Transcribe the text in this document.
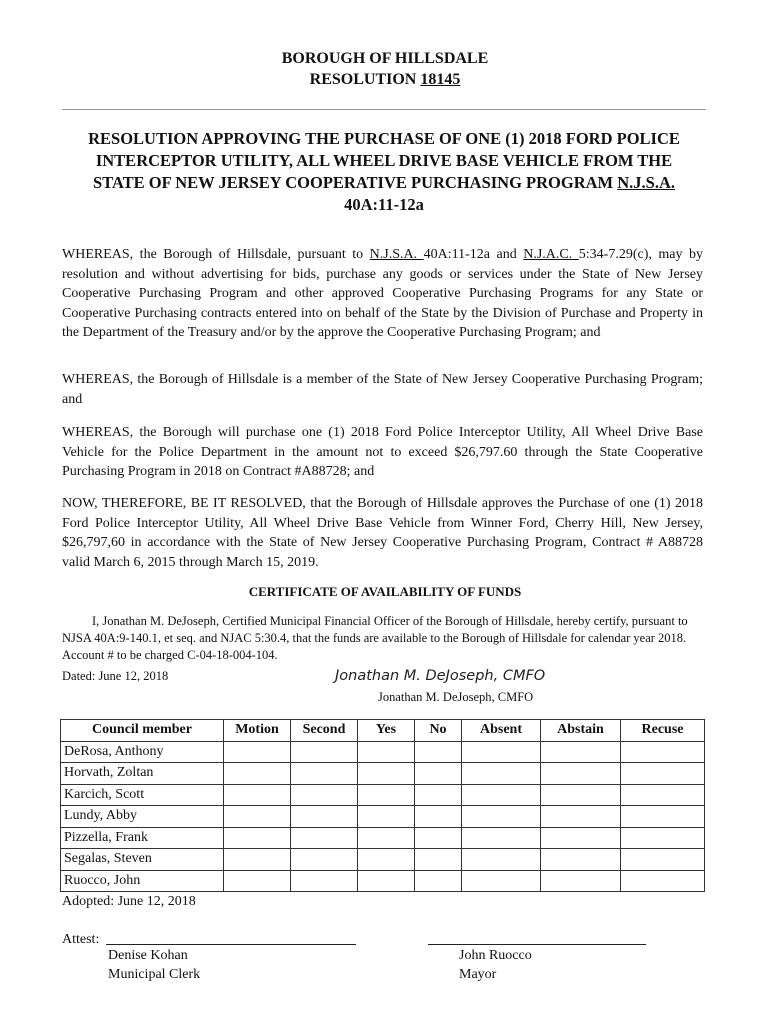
BOROUGH OF HILLSDALE
RESOLUTION 18145
RESOLUTION APPROVING THE PURCHASE OF ONE (1) 2018 FORD POLICE
INTERCEPTOR UTILITY, ALL WHEEL DRIVE BASE VEHICLE FROM THE
STATE OF NEW JERSEY COOPERATIVE PURCHASING PROGRAM N.J.S.A.
40A:11-12a
WHEREAS, the Borough of Hillsdale, pursuant to N.J.S.A. 40A:11-12a and N.J.A.C. 5:34-7.29(c), may by resolution and without advertising for bids, purchase any goods or services under the State of New Jersey Cooperative Purchasing Program and other approved Cooperative Purchasing Programs for any State or Cooperative Purchasing contracts entered into on behalf of the State by the Division of Purchase and Property in the Department of the Treasury and/or by the approve the Cooperative Purchasing Program; and
WHEREAS, the Borough of Hillsdale is a member of the State of New Jersey Cooperative Purchasing Program; and
WHEREAS, the Borough will purchase one (1) 2018 Ford Police Interceptor Utility, All Wheel Drive Base Vehicle for the Police Department in the amount not to exceed $26,797.60 through the State Cooperative Purchasing Program in 2018 on Contract #A88728; and
NOW, THEREFORE, BE IT RESOLVED, that the Borough of Hillsdale approves the Purchase of one (1) 2018 Ford Police Interceptor Utility, All Wheel Drive Base Vehicle from Winner Ford, Cherry Hill, New Jersey, $26,797,60 in accordance with the State of New Jersey Cooperative Purchasing Program, Contract # A88728 valid March 6, 2015 through March 15, 2019.
CERTIFICATE OF AVAILABILITY OF FUNDS
I, Jonathan M. DeJoseph, Certified Municipal Financial Officer of the Borough of Hillsdale, hereby certify, pursuant to NJSA 40A:9-140.1, et seq. and NJAC 5:30.4, that the funds are available to the Borough of Hillsdale for calendar year 2018. Account # to be charged C-04-18-004-104.
Dated: June 12, 2018	Jonathan M. DeJoseph, CMFO
Jonathan M. DeJoseph, CMFO
Council member	Motion	Second	Yes	No	Absent	Abstain	Recuse
DeRosa, Anthony							
Horvath, Zoltan							
Karcich, Scott							
Lundy, Abby							
Pizzella, Frank							
Segalas, Steven							
Ruocco, John							
Adopted: June 12, 2018
Attest:
Denise Kohan
Municipal Clerk
John Ruocco
Mayor
